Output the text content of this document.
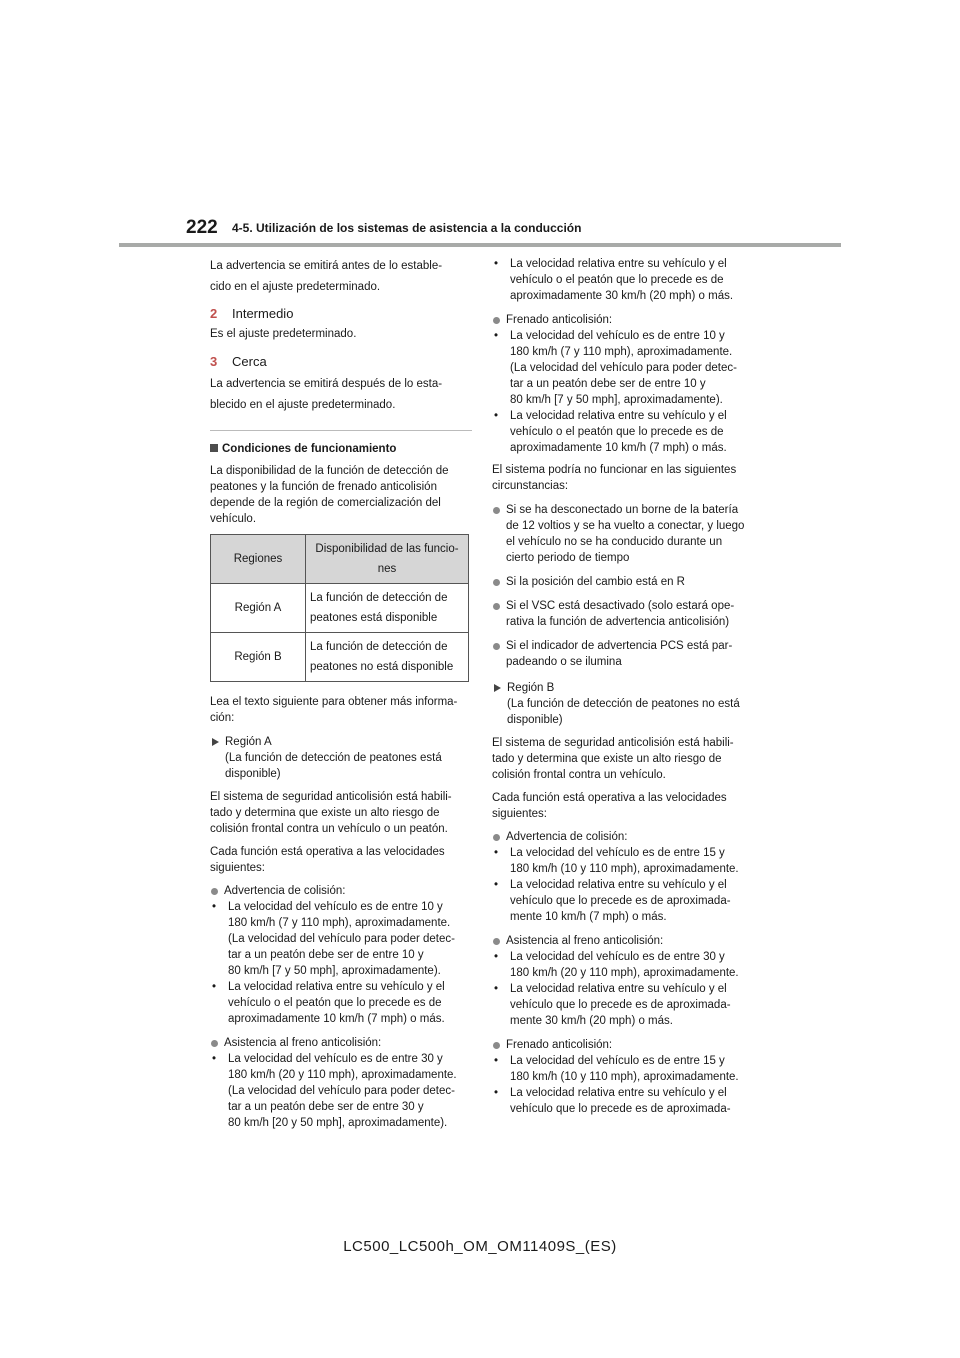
222 4-5. Utilización de los sistemas de asistencia a la conducción

La advertencia se emitirá antes de lo estable-
cido en el ajuste predeterminado.

2	Intermedio

Es el ajuste predeterminado.

3	Cerca

La advertencia se emitirá después de lo esta-
blecido en el ajuste predeterminado.

Condiciones de funcionamiento

La disponibilidad de la función de detección de
peatones y la función de frenado anticolisión
depende de la región de comercialización del
vehículo.

Regiones	Disponibilidad de las funcio-
nes
Región A	La función de detección de
peatones está disponible
Región B	La función de detección de
peatones no está disponible

Lea el texto siguiente para obtener más informa-
ción:

Región A
(La función de detección de peatones está
disponible)

El sistema de seguridad anticolisión está habili-
tado y determina que existe un alto riesgo de
colisión frontal contra un vehículo o un peatón.

Cada función está operativa a las velocidades
siguientes:

Advertencia de colisión:
•	La velocidad del vehículo es de entre 10 y
180 km/h (7 y 110 mph), aproximadamente.
(La velocidad del vehículo para poder detec-
tar a un peatón debe ser de entre 10 y
80 km/h [7 y 50 mph], aproximadamente).
•	La velocidad relativa entre su vehículo y el
vehículo o el peatón que lo precede es de
aproximadamente 10 km/h (7 mph) o más.
Asistencia al freno anticolisión:
•	La velocidad del vehículo es de entre 30 y
180 km/h (20 y 110 mph), aproximadamente.
(La velocidad del vehículo para poder detec-
tar a un peatón debe ser de entre 30 y
80 km/h [20 y 50 mph], aproximadamente).
•	La velocidad relativa entre su vehículo y el
vehículo o el peatón que lo precede es de
aproximadamente 30 km/h (20 mph) o más.
Frenado anticolisión:
•	La velocidad del vehículo es de entre 10 y
180 km/h (7 y 110 mph), aproximadamente.
(La velocidad del vehículo para poder detec-
tar a un peatón debe ser de entre 10 y
80 km/h [7 y 50 mph], aproximadamente).
•	La velocidad relativa entre su vehículo y el
vehículo o el peatón que lo precede es de
aproximadamente 10 km/h (7 mph) o más.

El sistema podría no funcionar en las siguientes
circunstancias:

Si se ha desconectado un borne de la batería
de 12 voltios y se ha vuelto a conectar, y luego
el vehículo no se ha conducido durante un
cierto periodo de tiempo
Si la posición del cambio está en R
Si el VSC está desactivado (solo estará ope-
rativa la función de advertencia anticolisión)
Si el indicador de advertencia PCS está par-
padeando o se ilumina
Región B
(La función de detección de peatones no está
disponible)

El sistema de seguridad anticolisión está habili-
tado y determina que existe un alto riesgo de
colisión frontal contra un vehículo.

Cada función está operativa a las velocidades
siguientes:

Advertencia de colisión:
•	La velocidad del vehículo es de entre 15 y
180 km/h (10 y 110 mph), aproximadamente.
•	La velocidad relativa entre su vehículo y el
vehículo que lo precede es de aproximada-
mente 10 km/h (7 mph) o más.
Asistencia al freno anticolisión:
•	La velocidad del vehículo es de entre 30 y
180 km/h (20 y 110 mph), aproximadamente.
•	La velocidad relativa entre su vehículo y el
vehículo que lo precede es de aproximada-
mente 30 km/h (20 mph) o más.
Frenado anticolisión:
•	La velocidad del vehículo es de entre 15 y
180 km/h (10 y 110 mph), aproximadamente.
•	La velocidad relativa entre su vehículo y el
vehículo que lo precede es de aproximada-
LC500_LC500h_OM_OM11409S_(ES)
